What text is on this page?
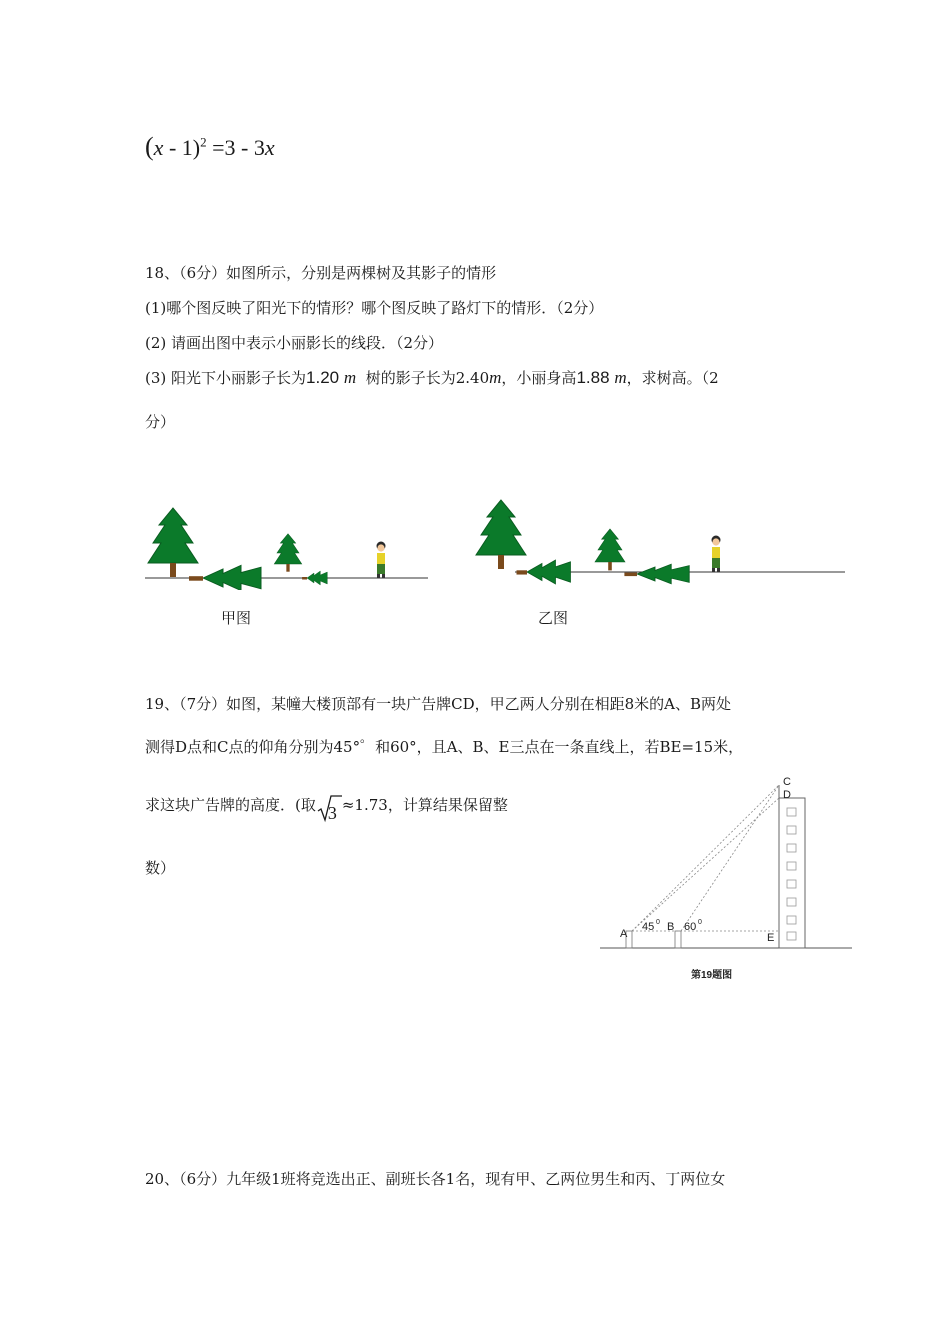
(x - 1)$^2$ =3 - 3x
18、（6分）如图所示，分别是两棵树及其影子的情形
(1)哪个图反映了阳光下的情形？哪个图反映了路灯下的情形．（2分）
(2) 请画出图中表示小丽影长的线段．（2分）
(3) 阳光下小丽影子长为1.20 m 树的影子长为2.40m，小丽身高1.88 m，求树高。（2
分）
甲图	乙图
19、（7分）如图，某幢大楼顶部有一块广告牌CD，甲乙两人分别在相距8米的A、B两处
测得D点和C点的仰角分别为45°゜和60°，且A、B、E三点在一条直线上，若BE=15米，
求这块广告牌的高度．(取 3 ≈1.73，计算结果保留整
数）
C
D
A
B
E
45 0 60 0
第19题图
20、（6分）九年级1班将竞选出正、副班长各1名，现有甲、乙两位男生和丙、丁两位女
